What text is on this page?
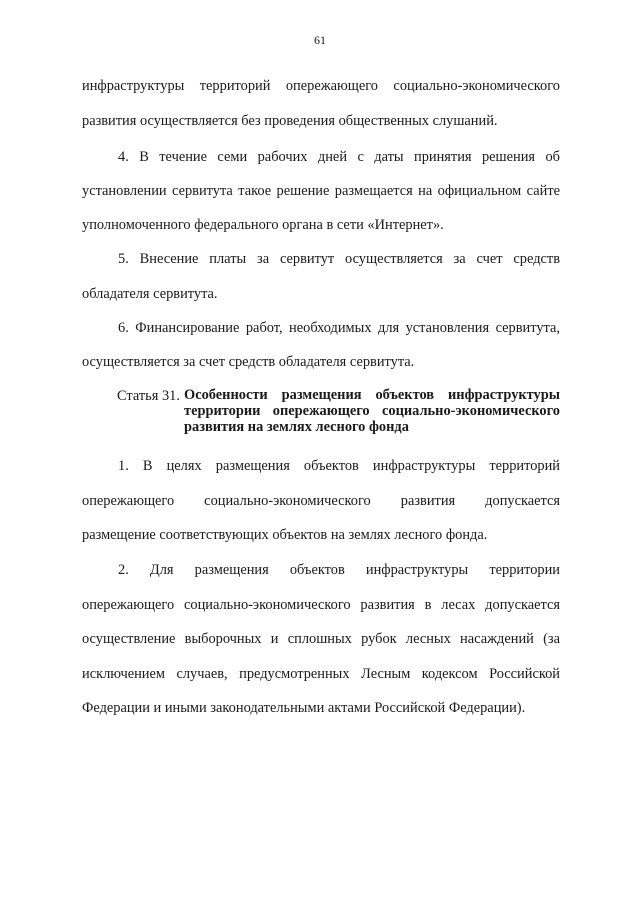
61
инфраструктуры территорий опережающего социально-экономического
развития осуществляется без проведения общественных слушаний.
4. В течение семи рабочих дней с даты принятия решения об
установлении сервитута такое решение размещается на официальном сайте
уполномоченного федерального органа в сети «Интернет».
5. Внесение платы за сервитут осуществляется за счет средств
обладателя сервитута.
6. Финансирование работ, необходимых для установления сервитута,
осуществляется за счет средств обладателя сервитута.
1. В целях размещения объектов инфраструктуры территорий
опережающего социально-экономического развития допускается
размещение соответствующих объектов на землях лесного фонда.
2. Для размещения объектов инфраструктуры территории
опережающего социально-экономического развития в лесах допускается
осуществление выборочных и сплошных рубок лесных насаждений (за
исключением случаев, предусмотренных Лесным кодексом Российской
Федерации и иными законодательными актами Российской Федерации).
Статья 31. Особенности размещения объектов инфраструктуры
территории опережающего социально-экономического
развития на землях лесного фонда
